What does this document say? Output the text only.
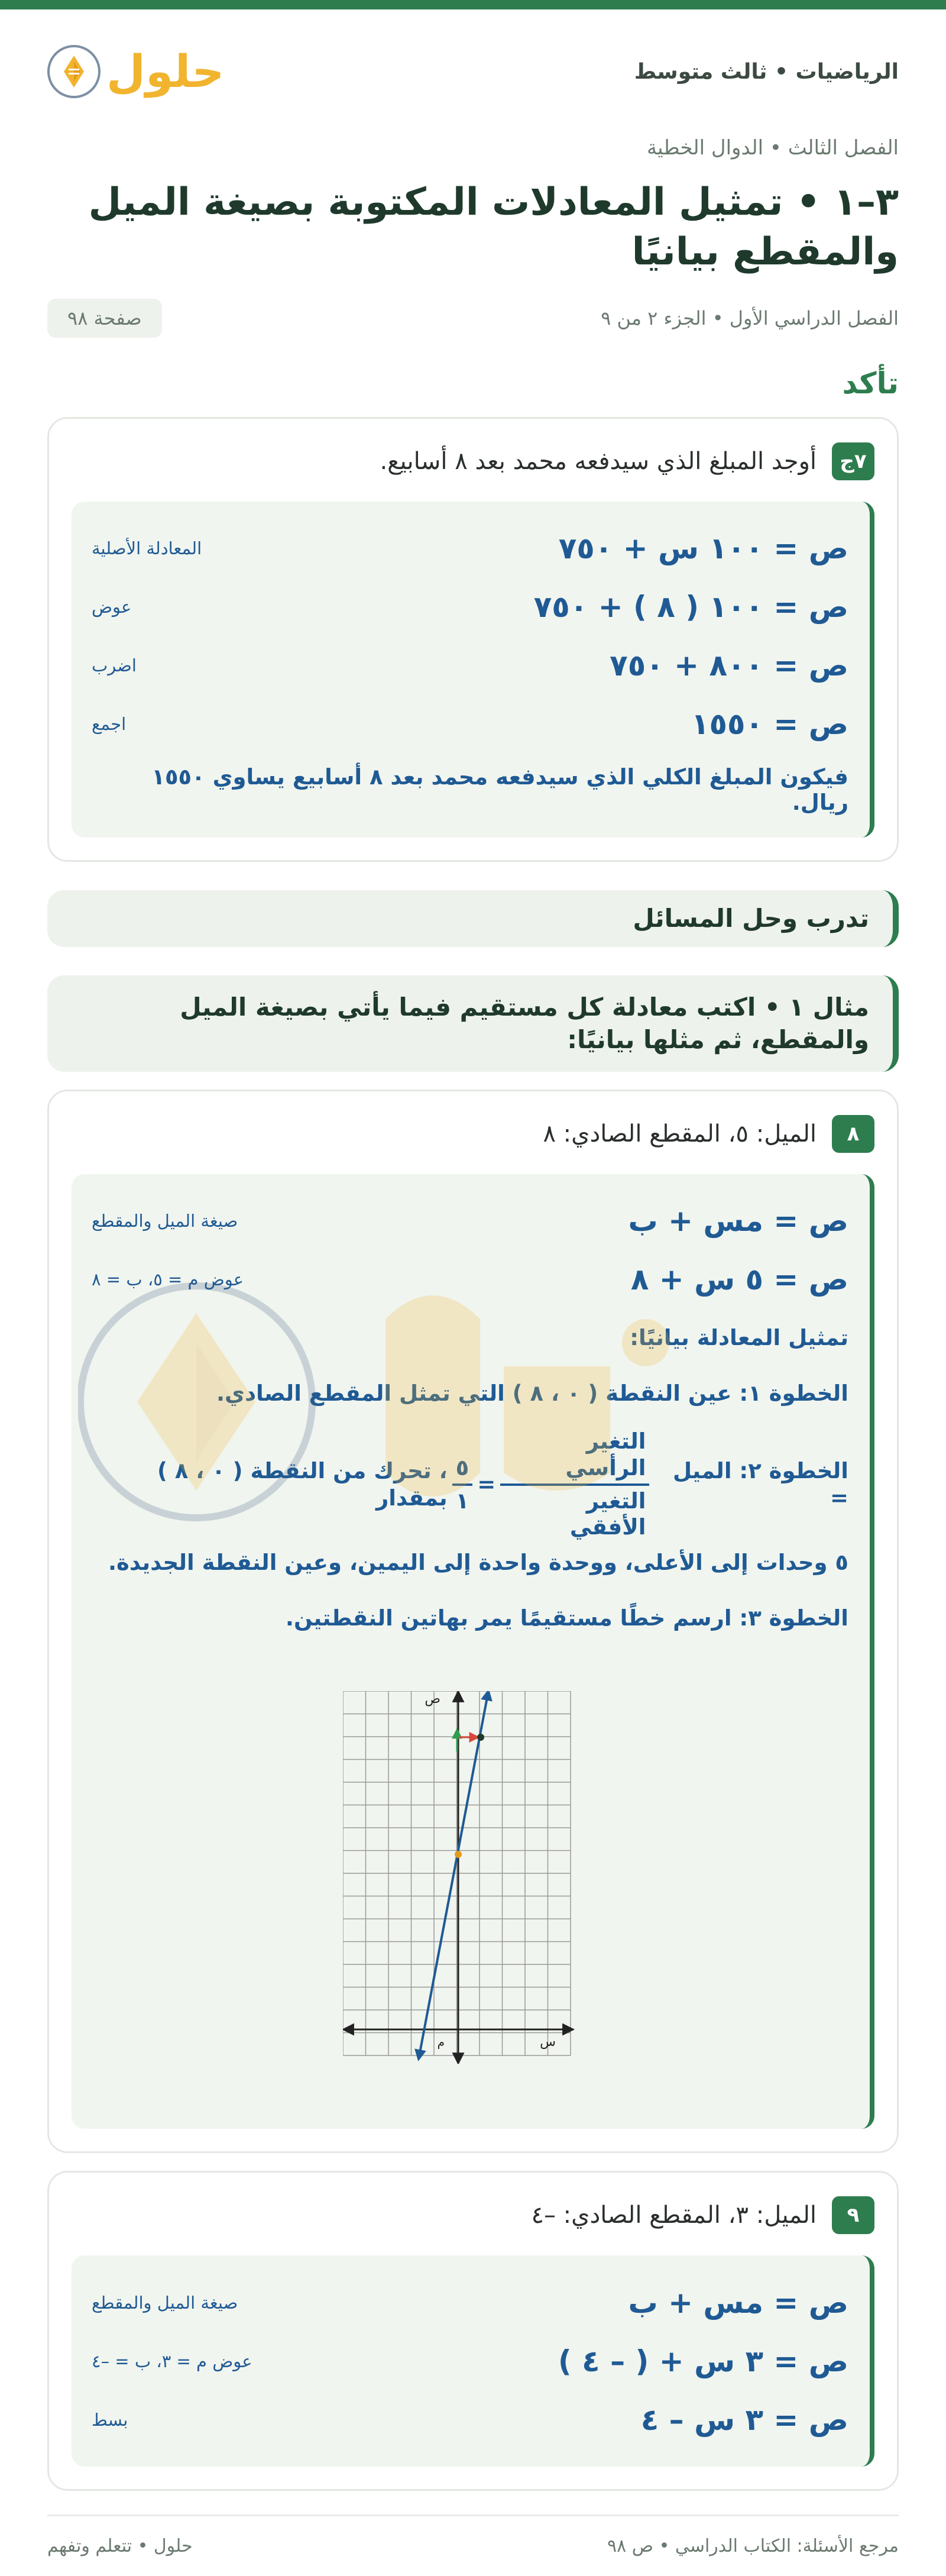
الرياضيات • ثالث متوسط
حلول
الفصل الثالث • الدوال الخطية
٣–١ • تمثيل المعادلات المكتوبة بصيغة الميل والمقطع بيانيًا
الفصل الدراسي الأول • الجزء ٢ من ٩
صفحة ٩٨
تأكد
٧ج
أوجد المبلغ الذي سيدفعه محمد بعد ٨ أسابيع.
ص = ١٠٠ س + ٧٥٠
المعادلة الأصلية
ص = ١٠٠ ( ٨ ) + ٧٥٠
عوض
ص = ٨٠٠ + ٧٥٠
اضرب
ص = ١٥٥٠
اجمع
فيكون المبلغ الكلي الذي سيدفعه محمد بعد ٨ أسابيع يساوي ١٥٥٠ ريال.
تدرب وحل المسائل
مثال ١ • اكتب معادلة كل مستقيم فيما يأتي بصيغة الميل والمقطع، ثم مثلها بيانيًا:
٨
الميل: ٥، المقطع الصادي: ٨
ص = مس + ب
صيغة الميل والمقطع
ص = ٥ س + ٨
عوض م = ٥، ب = ٨
تمثيل المعادلة بيانيًا:
الخطوة ١: عين النقطة ( ٠ ، ٨ ) التي تمثل المقطع الصادي.
الخطوة ٢: الميل =
$\frac{\text{التغير الرأسي}}{\text{التغير الأفقي}}$
=
$\frac{٥}{١}$
، تحرك من النقطة ( ٠ ، ٨ ) بمقدار
٥ وحدات إلى الأعلى، ووحدة واحدة إلى اليمين، وعين النقطة الجديدة.
الخطوة ٣: ارسم خطًا مستقيمًا يمر بهاتين النقطتين.
س
ص
م
٩
الميل: ٣، المقطع الصادي: –٤
ص = مس + ب
صيغة الميل والمقطع
ص = ٣ س + ( – ٤ )
عوض م = ٣، ب = –٤
ص = ٣ س – ٤
بسط
مرجع الأسئلة: الكتاب الدراسي • ص ٩٨
حلول • تتعلم وتفهم
